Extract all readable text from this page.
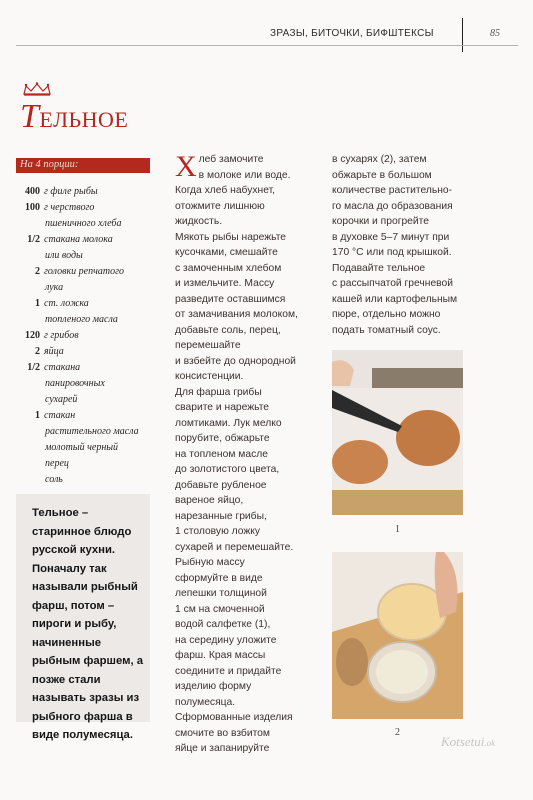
ЗРАЗЫ, БИТОЧКИ, БИФШТЕКСЫ	85
ТЕЛЬНОЕ
На 4 порции:
400 г филе рыбы
100 г черствого
пшеничного хлеба
1/2 стакана молока
или воды
2 головки репчатого
лука
1 ст. ложка
топленого масла
120 г грибов
2 яйца
1/2 стакана
панировочных
сухарей
1 стакан
растительного масла
молотый черный
перец
соль
Тельное – старинное блюдо русской кухни. Поначалу так называли рыбный фарш, потом – пироги и рыбу, начиненные рыбным фаршем, а позже стали называть зразы из рыбного фарша в виде полумесяца.
Х леб замочите
в молоке или воде.
Когда хлеб набухнет,
отожмите лишнюю
жидкость.
Мякоть рыбы нарежьте
кусочками, смешайте
с замоченным хлебом
и измельчите. Массу
разведите оставшимся
от замачивания молоком,
добавьте соль, перец,
перемешайте
и взбейте до однородной
консистенции.
Для фарша грибы
сварите и нарежьте
ломтиками. Лук мелко
порубите, обжарьте
на топленом масле
до золотистого цвета,
добавьте рубленое
вареное яйцо,
нарезанные грибы,
1 столовую ложку
сухарей и перемешайте.
Рыбную массу
сформуйте в виде
лепешки толщиной
1 см на смоченной
водой салфетке (1),
на середину уложите
фарш. Края массы
соедините и придайте
изделию форму
полумесяца.
Сформованные изделия
смочите во взбитом
яйце и запанируйте
в сухарях (2), затем
обжарьте в большом
количестве растительно-
го масла до образования
корочки и прогрейте
в духовке 5–7 минут при
170 °С или под крышкой.
Подавайте тельное
с рассыпчатой гречневой
кашей или картофельным
пюре, отдельно можно
подать томатный соус.
1
2
Kotsetui.ok
